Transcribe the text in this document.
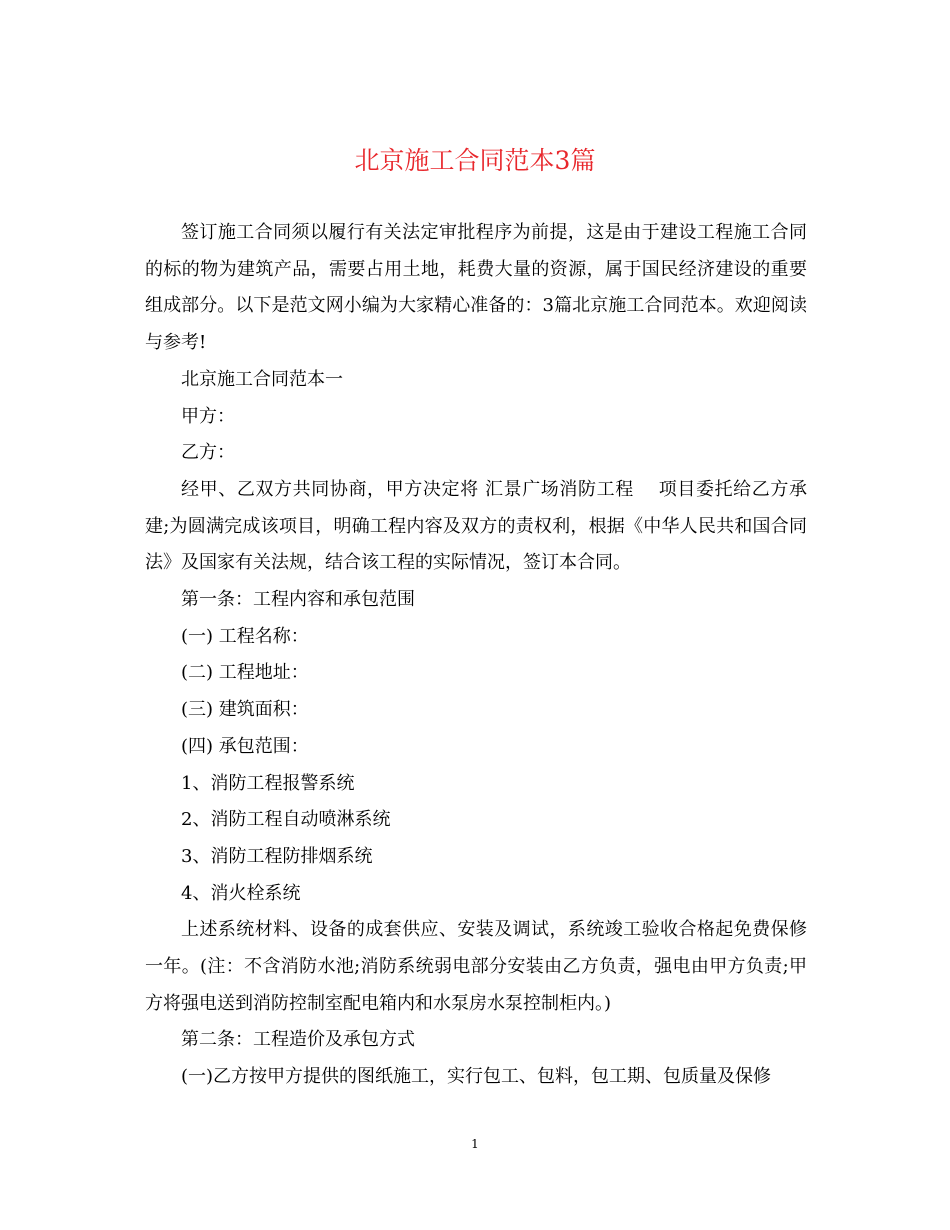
北京施工合同范本3篇

签订施工合同须以履行有关法定审批程序为前提，这是由于建设工程施工合同的标的物为建筑产品，需要占用土地，耗费大量的资源，属于国民经济建设的重要组成部分。以下是范文网小编为大家精心准备的：3篇北京施工合同范本。欢迎阅读与参考!

北京施工合同范本一

甲方：

乙方：

经甲、乙双方共同协商，甲方决定将 汇景广场消防工程　 项目委托给乙方承建;为圆满完成该项目，明确工程内容及双方的责权利，根据《中华人民共和国合同法》及国家有关法规，结合该工程的实际情况，签订本合同。

第一条：工程内容和承包范围

(一) 工程名称：

(二) 工程地址：

(三) 建筑面积：

(四) 承包范围：

1、消防工程报警系统

2、消防工程自动喷淋系统

3、消防工程防排烟系统

4、消火栓系统

上述系统材料、设备的成套供应、安装及调试，系统竣工验收合格起免费保修一年。(注：不含消防水池;消防系统弱电部分安装由乙方负责，强电由甲方负责;甲方将强电送到消防控制室配电箱内和水泵房水泵控制柜内。)

第二条：工程造价及承包方式

(一)乙方按甲方提供的图纸施工，实行包工、包料，包工期、包质量及保修

1
